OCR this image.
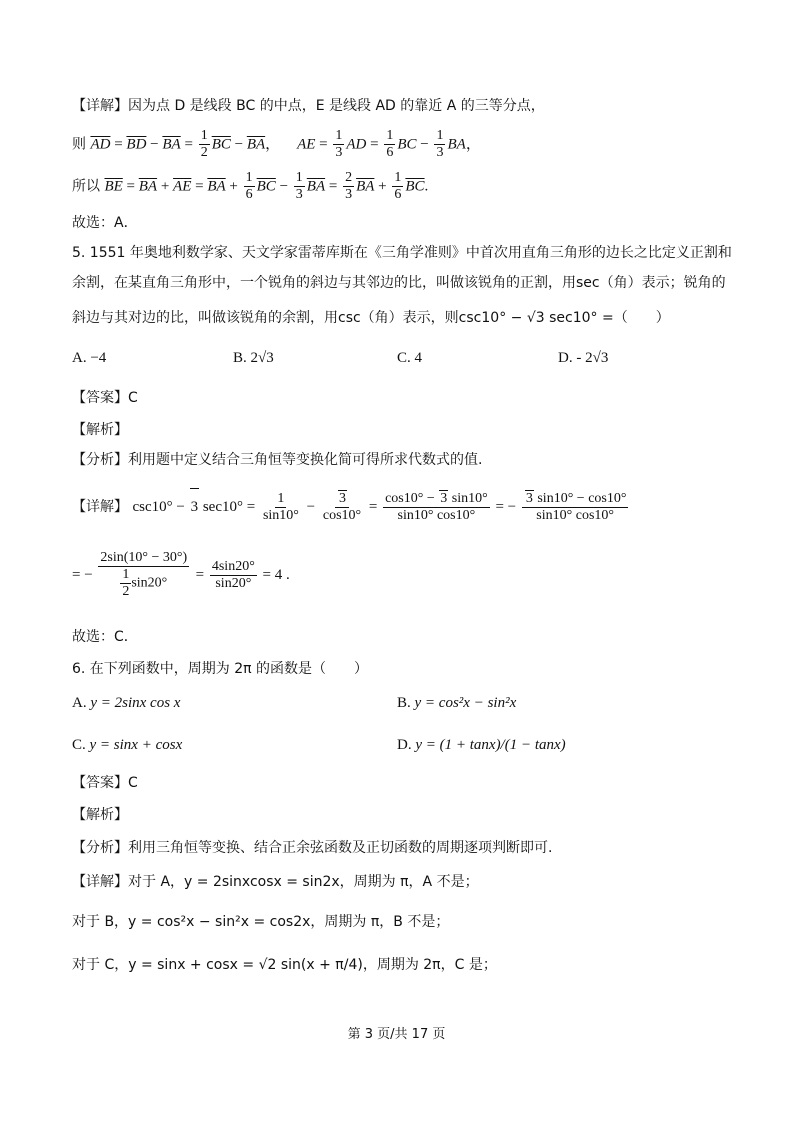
【详解】因为点 D 是线段 BC 的中点，E 是线段 AD 的靠近 A 的三等分点，
则 $\overline{AD} = \overline{BD} - \overline{BA} = \frac{1}{2} \overline{BC} - \overline{BA}$， AE = $\frac{1}{3}$ AD = $\frac{1}{6}$ BC − $\frac{1}{3}$ BA，
所以 $\overline{BE} = \overline{BA} + \overline{AE} = \overline{BA} + \frac{1}{6} \overline{BC} - \frac{1}{3} \overline{BA} = \frac{2}{3} \overline{BA} + \frac{1}{6} \overline{BC}$.
故选：A．
5. 1551 年奥地利数学家、天文学家雷蒂库斯在《三角学准则》中首次用直角三角形的边长之比定义正割和
余割，在某直角三角形中，一个锐角的斜边与其邻边的比，叫做该锐角的正割，用sec（角）表示；锐角的
斜边与其对边的比，叫做该锐角的余割，用csc（角）表示，则csc10° − √3 sec10° =（　　）
A. −4	B. 2√3	C. 4	D. - 2√3
【答案】C
【解析】
【分析】利用题中定义结合三角恒等变换化简可得所求代数式的值.
【详解】 csc10° − 3 $\sec 10^\circ = \frac{1}{\sin 10^\circ} - \frac{3}{\cos 10^\circ} = \frac{\cos 10^\circ - 3 \sin 10^\circ}{\sin 10^\circ \cos 10^\circ}$ = − $\frac{3 \sin 10^\circ - \cos 10^\circ}{\sin 10^\circ \cos 10^\circ}$
= − $\frac{2\sin(10^\circ - 30^\circ)}{\frac{1}{2} \sin 20^\circ} = \frac{4\sin 20^\circ}{\sin 20^\circ} = 4$ .
故选：C．
6. 在下列函数中，周期为 2π 的函数是（　　）
A. y = 2sinx cos x	B. y = cos²x − sin²x
C. y = sinx + cosx	D. y = (1 + tanx)/(1 − tanx)
【答案】C
【解析】
【分析】利用三角恒等变换、结合正余弦函数及正切函数的周期逐项判断即可.
【详解】对于 A，y = 2sinxcosx = sin2x，周期为 π，A 不是；
对于 B，y = cos²x − sin²x = cos2x，周期为 π，B 不是；
对于 C，y = sinx + cosx = √2 sin(x + π/4)，周期为 2π，C 是；
第 3 页/共 17 页
